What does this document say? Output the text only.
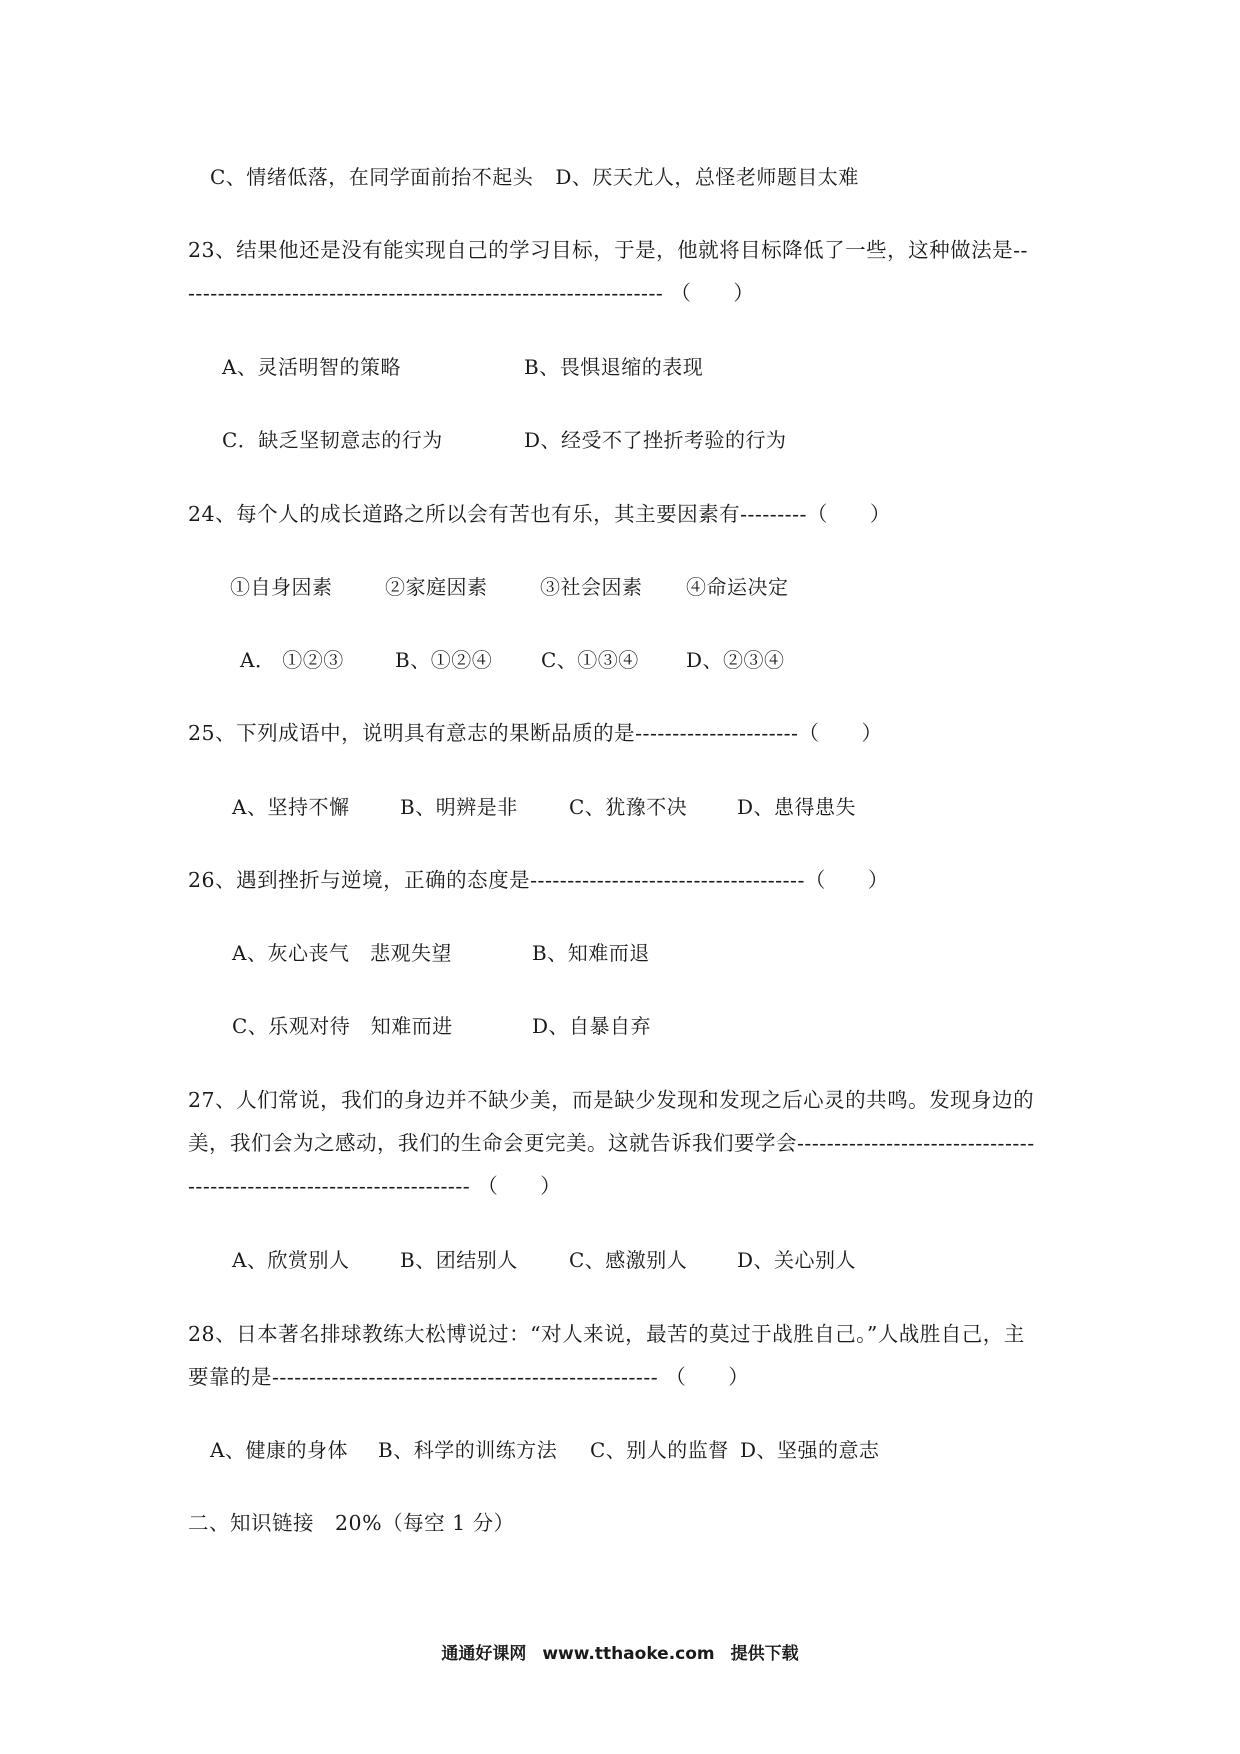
C、情绪低落，在同学面前抬不起头 D、厌天尤人，总怪老师题目太难
23、结果他还是没有能实现自己的学习目标，于是，他就将目标降低了一些，这种做法是--
---------------------------------------------------------------- （　　）
A、灵活明智的策略	B、畏惧退缩的表现
C．缺乏坚韧意志的行为	D、经受不了挫折考验的行为
24、每个人的成长道路之所以会有苦也有乐，其主要因素有---------（　　）
①自身因素	②家庭因素	③社会因素 ④命运决定
A． ①②③	B、①②④ C、①③④ D、②③④
25、下列成语中，说明具有意志的果断品质的是----------------------（　　）
A、坚持不懈	B、明辨是非	C、犹豫不决 D、患得患失
26、遇到挫折与逆境，正确的态度是-------------------------------------（　　）
A、灰心丧气　悲观失望	B、知难而退
C、乐观对待　知难而进	D、自暴自弃
27、人们常说，我们的身边并不缺少美，而是缺少发现和发现之后心灵的共鸣。发现身边的
美，我们会为之感动，我们的生命会更完美。这就告诉我们要学会--------------------------------
-------------------------------------- （　　）
A、欣赏别人	B、团结别人	C、感激别人 D、关心别人
28、日本著名排球教练大松博说过：“对人来说，最苦的莫过于战胜自己。”人战胜自己，主
要靠的是---------------------------------------------------- （　　）
A、健康的身体 B、科学的训练方法 C、别人的监督 D、坚强的意志
二、知识链接　20%（每空 1 分）
通通好课网 www.tthaoke.com 提供下载
